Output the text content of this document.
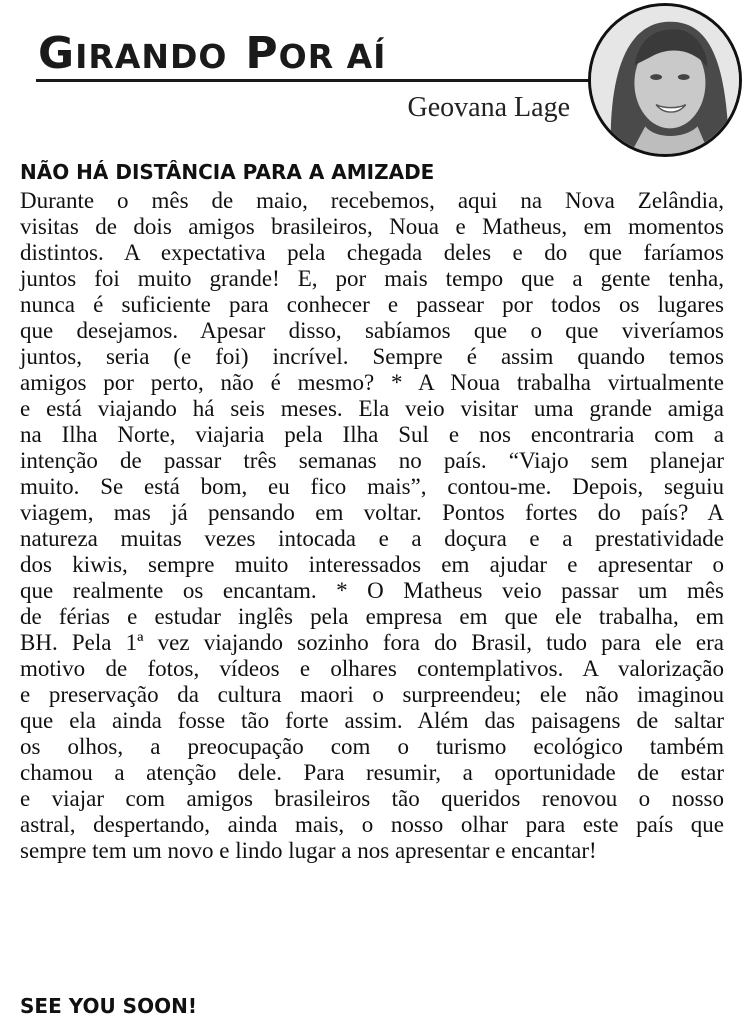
GIRANDO POR AÍ
Geovana Lage
NÃO HÁ DISTÂNCIA PARA A AMIZADE
Durante o mês de maio, recebemos, aqui na Nova Zelândia,
visitas de dois amigos brasileiros, Noua e Matheus, em momentos
distintos. A expectativa pela chegada deles e do que faríamos
juntos foi muito grande! E, por mais tempo que a gente tenha,
nunca é suficiente para conhecer e passear por todos os lugares
que desejamos. Apesar disso, sabíamos que o que viveríamos
juntos, seria (e foi) incrível. Sempre é assim quando temos
amigos por perto, não é mesmo? * A Noua trabalha virtualmente
e está viajando há seis meses. Ela veio visitar uma grande amiga
na Ilha Norte, viajaria pela Ilha Sul e nos encontraria com a
intenção de passar três semanas no país. “Viajo sem planejar
muito. Se está bom, eu fico mais”, contou-me. Depois, seguiu
viagem, mas já pensando em voltar. Pontos fortes do país? A
natureza muitas vezes intocada e a doçura e a prestatividade
dos kiwis, sempre muito interessados em ajudar e apresentar o
que realmente os encantam. * O Matheus veio passar um mês
de férias e estudar inglês pela empresa em que ele trabalha, em
BH. Pela 1ª vez viajando sozinho fora do Brasil, tudo para ele era
motivo de fotos, vídeos e olhares contemplativos. A valorização
e preservação da cultura maori o surpreendeu; ele não imaginou
que ela ainda fosse tão forte assim. Além das paisagens de saltar
os olhos, a preocupação com o turismo ecológico também
chamou a atenção dele. Para resumir, a oportunidade de estar
e viajar com amigos brasileiros tão queridos renovou o nosso
astral, despertando, ainda mais, o nosso olhar para este país que
sempre tem um novo e lindo lugar a nos apresentar e encantar!
SEE YOU SOON!
